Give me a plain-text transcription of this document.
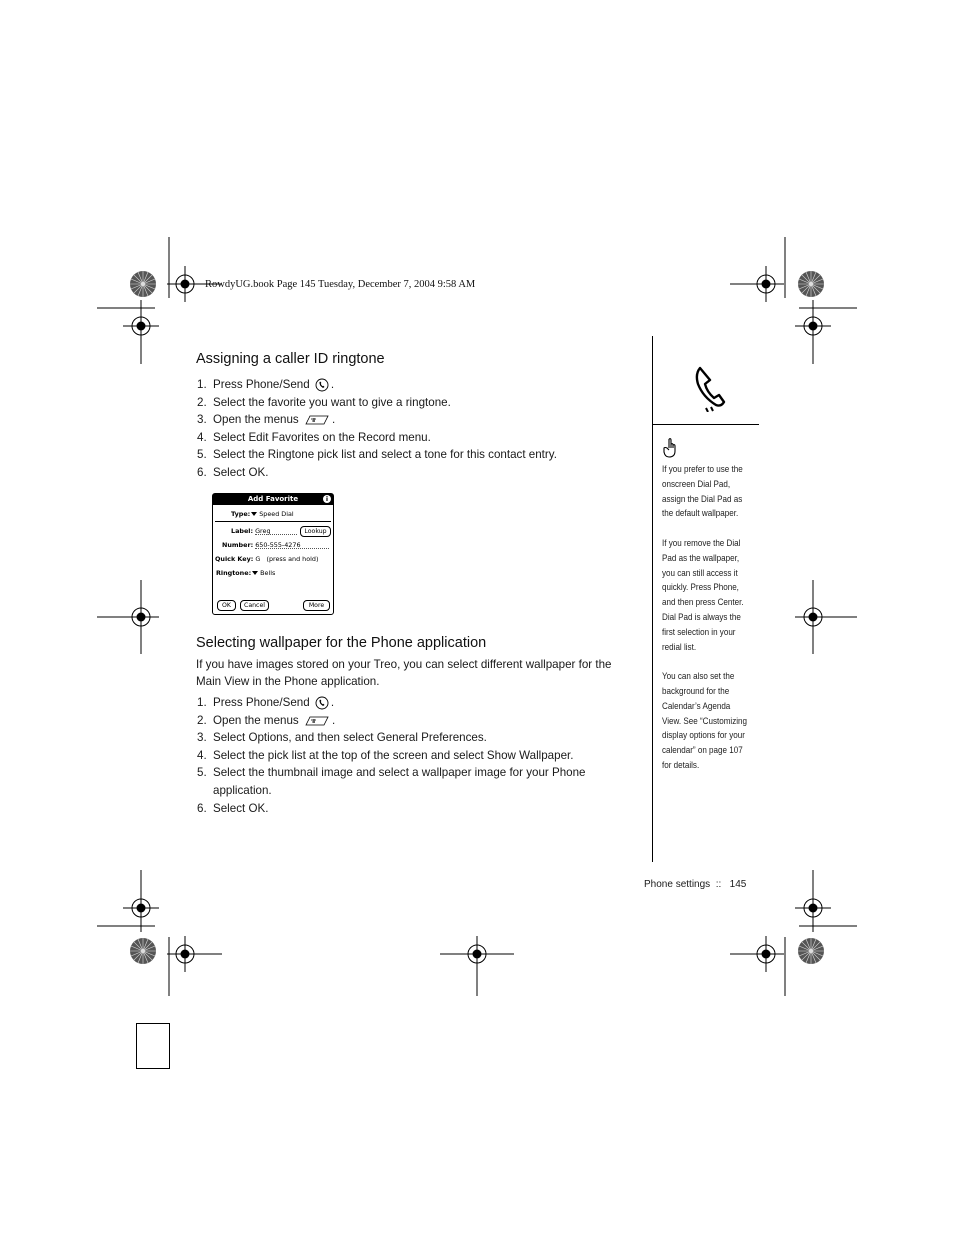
RowdyUG.book Page 145 Tuesday, December 7, 2004 9:58 AM
Assigning a caller ID ringtone
1. Press Phone/Send .
2. Select the favorite you want to give a ringtone.
3. Open the menus	.
4. Select Edit Favorites on the Record menu.
5. Select the Ringtone pick list and select a tone for this contact entry.
6. Select OK.
Add Favorite	i
Type: Speed Dial
Label: Greg	Lookup
Number: 650-555-4276
Quick Key: G (press and hold)
Ringtone: Bells
OK	Cancel	More
Selecting wallpaper for the Phone application
If you have images stored on your Treo, you can select different wallpaper for the Main View in the Phone application.
1. Press Phone/Send .
2. Open the menus	.
3. Select Options, and then select General Preferences.
4. Select the pick list at the top of the screen and select Show Wallpaper.
5. Select the thumbnail image and select a wallpaper image for your Phone application.
6. Select OK.

If you prefer to use the onscreen Dial Pad, assign the Dial Pad as the default wallpaper.

If you remove the Dial Pad as the wallpaper, you can still access it quickly. Press Phone, and then press Center. Dial Pad is always the first selection in your redial list.

You can also set the background for the Calendar’s Agenda View. See “Customizing display options for your calendar” on page 107 for details.

Phone settings :: 145
